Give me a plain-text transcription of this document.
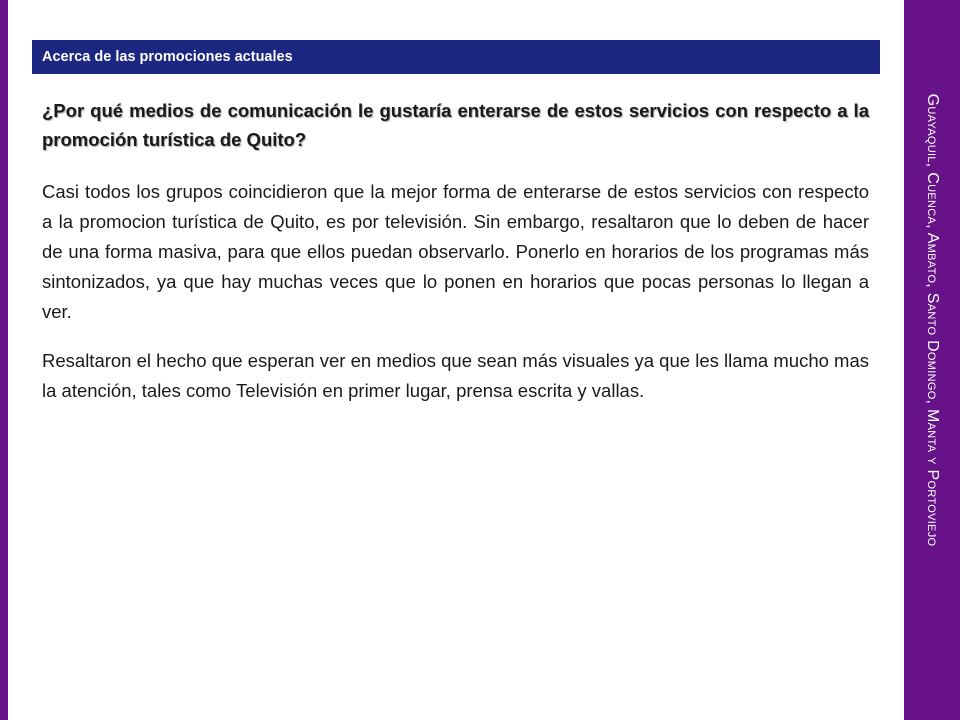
Guayaquil, Cuenca, Ambato, Santo Domingo, Manta y Portoviejo
Acerca de las promociones actuales

¿Por qué medios de comunicación le gustaría enterarse de estos servicios con respecto a la promoción turística de Quito?

Casi todos los grupos coincidieron que la mejor forma de enterarse de estos servicios con respecto a la promocion turística de Quito, es por televisión. Sin embargo, resaltaron que lo deben de hacer de una forma masiva, para que ellos puedan observarlo. Ponerlo en horarios de los programas más sintonizados, ya que hay muchas veces que lo ponen en horarios que pocas personas lo llegan a ver.

Resaltaron el hecho que esperan ver en medios que sean más visuales ya que les llama mucho mas la atención, tales como Televisión en primer lugar, prensa escrita y vallas.
